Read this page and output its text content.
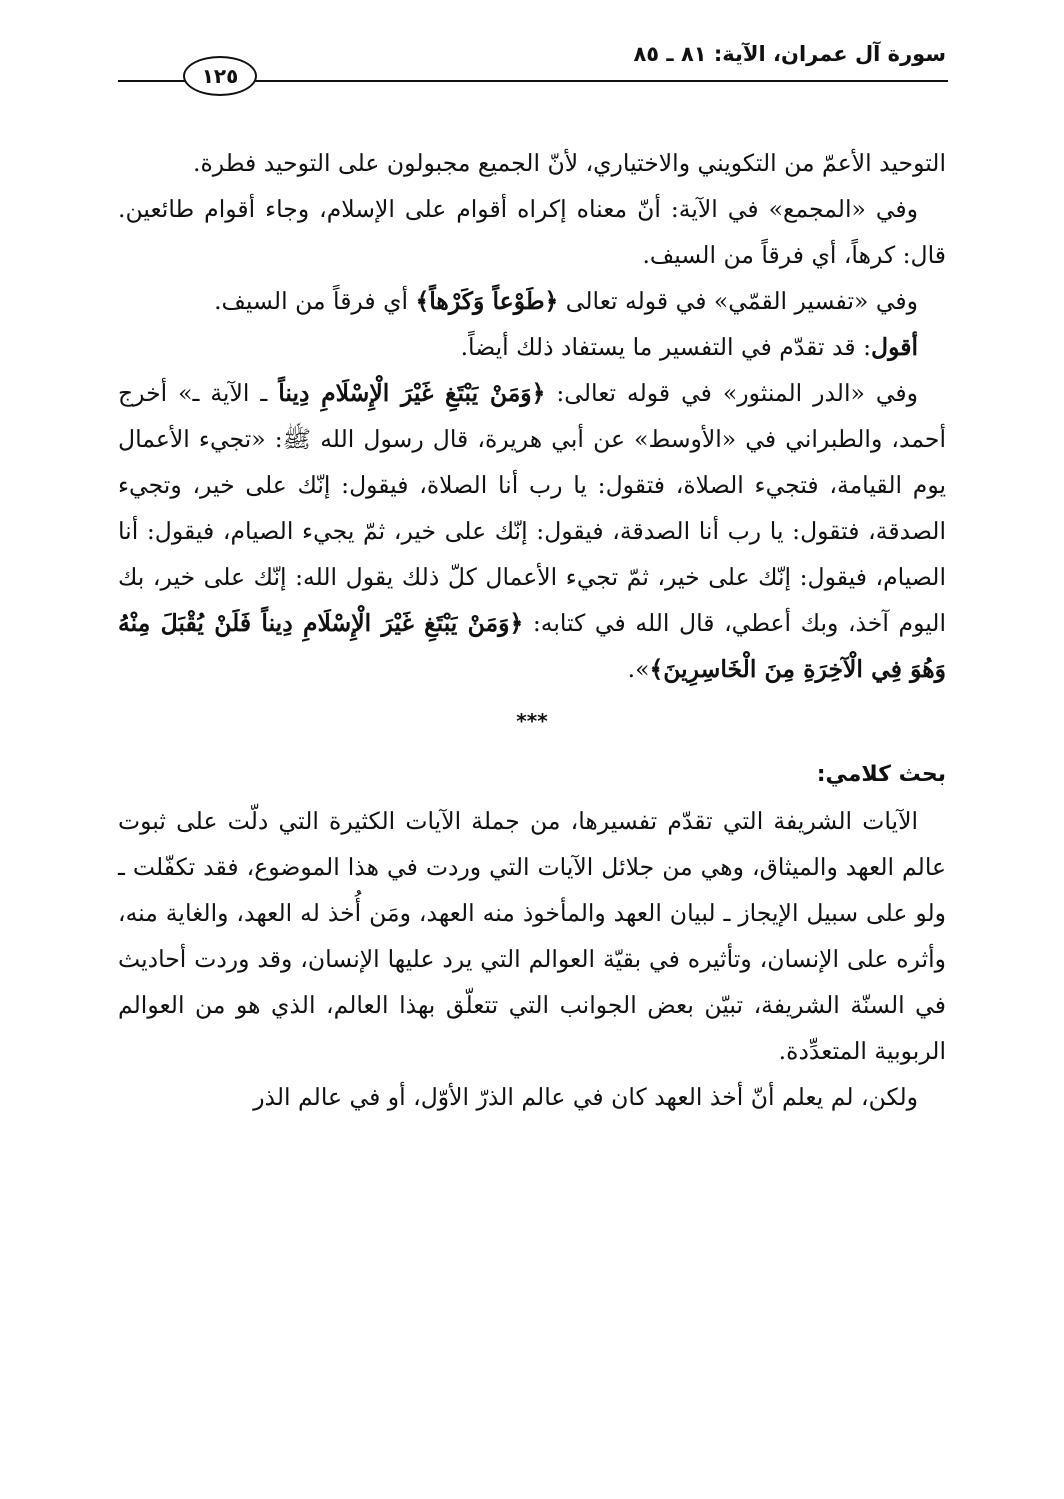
سورة آل عمران، الآية: ٨١ ـ ٨٥
١٢٥

التوحيد الأعمّ من التكويني والاختياري، لأنّ الجميع مجبولون على التوحيد فطرة.

وفي «المجمع» في الآية: أنّ معناه إكراه أقوام على الإسلام، وجاء أقوام طائعين. قال: كرهاً، أي فرقاً من السيف.

وفي «تفسير القمّي» في قوله تعالى ﴿طَوْعاً وَكَرْهاً﴾ أي فرقاً من السيف.

أقول: قد تقدّم في التفسير ما يستفاد ذلك أيضاً.

وفي «الدر المنثور» في قوله تعالى: ﴿وَمَنْ يَبْتَغِ غَيْرَ الْإِسْلَامِ دِيناً ـ الآية ـ» أخرج أحمد، والطبراني في «الأوسط» عن أبي هريرة، قال رسول الله ﷺ: «تجيء الأعمال يوم القيامة، فتجيء الصلاة، فتقول: يا رب أنا الصلاة، فيقول: إنّك على خير، وتجيء الصدقة، فتقول: يا رب أنا الصدقة، فيقول: إنّك على خير، ثمّ يجيء الصيام، فيقول: أنا الصيام، فيقول: إنّك على خير، ثمّ تجيء الأعمال كلّ ذلك يقول الله: إنّك على خير، بك اليوم آخذ، وبك أعطي، قال الله في كتابه: ﴿وَمَنْ يَبْتَغِ غَيْرَ الْإِسْلَامِ دِيناً فَلَنْ يُقْبَلَ مِنْهُ وَهُوَ فِي الْآخِرَةِ مِنَ الْخَاسِرِينَ﴾».

***

بحث كلامي:

الآيات الشريفة التي تقدّم تفسيرها، من جملة الآيات الكثيرة التي دلّت على ثبوت عالم العهد والميثاق، وهي من جلائل الآيات التي وردت في هذا الموضوع، فقد تكفّلت ـ ولو على سبيل الإيجاز ـ لبيان العهد والمأخوذ منه العهد، ومَن أُخذ له العهد، والغاية منه، وأثره على الإنسان، وتأثيره في بقيّة العوالم التي يرد عليها الإنسان، وقد وردت أحاديث في السنّة الشريفة، تبيّن بعض الجوانب التي تتعلّق بهذا العالم، الذي هو من العوالم الربوبية المتعدِّدة.

ولكن، لم يعلم أنّ أخذ العهد كان في عالم الذرّ الأوّل، أو في عالم الذر
